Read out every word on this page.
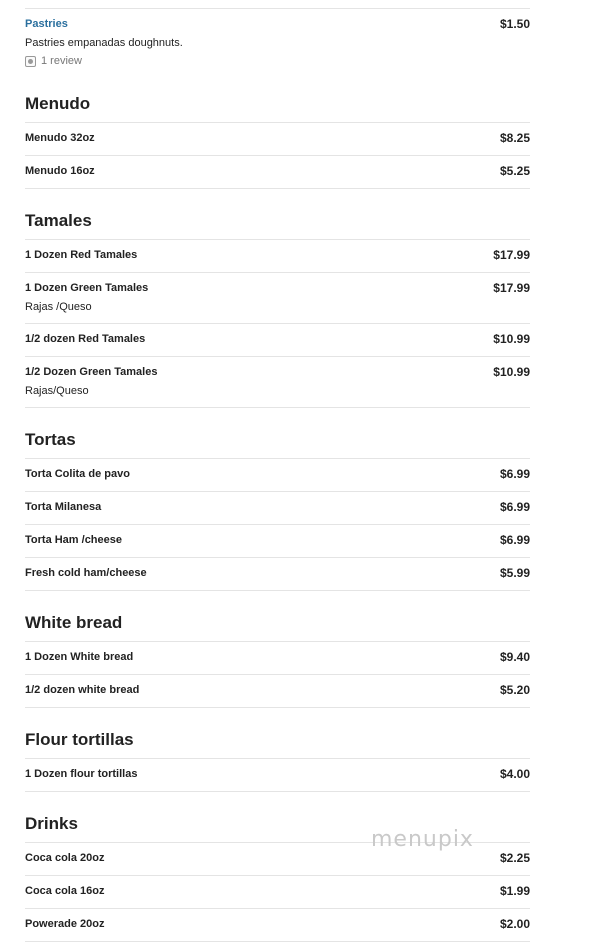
Pastries	$1.50
Pastries empanadas doughnuts.
1 review
Menudo
Menudo 32oz	$8.25
Menudo 16oz	$5.25
Tamales
1 Dozen Red Tamales	$17.99
1 Dozen Green Tamales	$17.99
Rajas /Queso
1/2 dozen Red Tamales	$10.99
1/2 Dozen Green Tamales	$10.99
Rajas/Queso
Tortas
Torta Colita de pavo	$6.99
Torta Milanesa	$6.99
Torta Ham /cheese	$6.99
Fresh cold ham/cheese	$5.99
White bread
1 Dozen White bread	$9.40
1/2 dozen white bread	$5.20
Flour tortillas
1 Dozen flour tortillas	$4.00
Drinks
Coca cola 20oz	$2.25
Coca cola 16oz	$1.99
Powerade 20oz	$2.00
menupix
